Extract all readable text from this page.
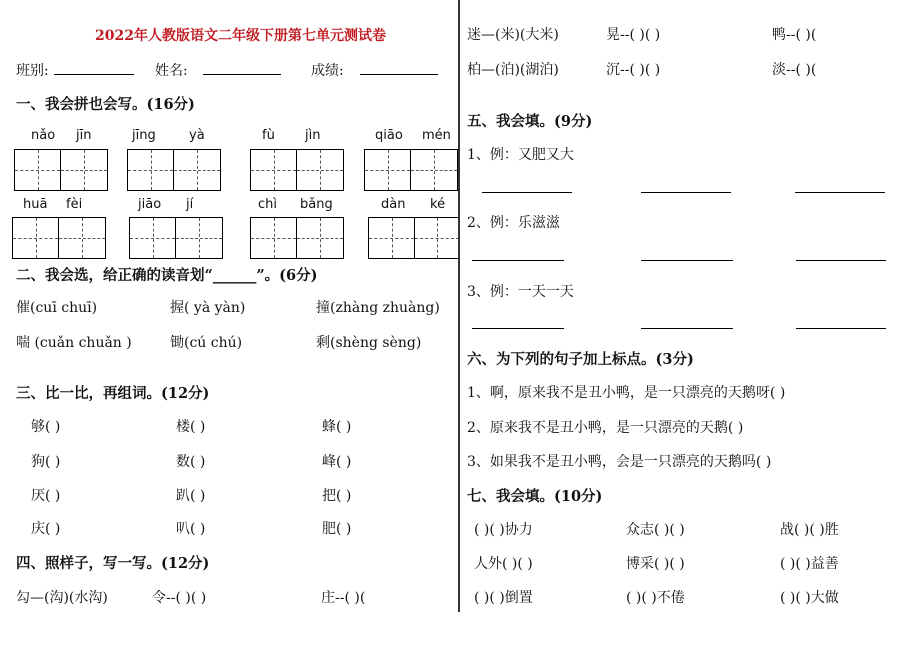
2022年人教版语文二年级下册第七单元测试卷
班别:	姓名:	成绩:
一、我会拼也会写。(16分)
nǎo jīn	jīng	yà	fù jìn	qiāo mén
huā fèi	jiāo jí	chì bǎng	dàn ké
二、我会选，给正确的读音划“______”。(6分)
催(cuī chuī)	握( yà yàn)	撞(zhàng zhuàng)
喘 (cuǎn chuǎn )	锄(cú chú)	剩(shèng sèng)
三、比一比，再组词。(12分)
够( )	楼( )	蜂( )
狗( )	数( )	峰( )
厌( )	趴( )	把( )
庆( )	叭( )	肥( )
四、照样子，写一写。(12分)
勾—(沟)(水沟)	令--( )( )	庄--( )(
迷—(米)(大米)	晃--( )( )	鸭--( )(
柏—(泊)(湖泊)	沉--( )( )	淡--( )(
五、我会填。(9分)
1、例：又肥又大
2、例：乐滋滋
3、例：一天一天
六、为下列的句子加上标点。(3分)
1、啊，原来我不是丑小鸭，是一只漂亮的天鹅呀( )
2、原来我不是丑小鸭，是一只漂亮的天鹅( )
3、如果我不是丑小鸭，会是一只漂亮的天鹅吗( )
七、我会填。(10分)
( )( )协力	众志( )( )	战( )( )胜
人外( )( )	博采( )( )	( )( )益善
( )( )倒置	( )( )不倦	( )( )大做
